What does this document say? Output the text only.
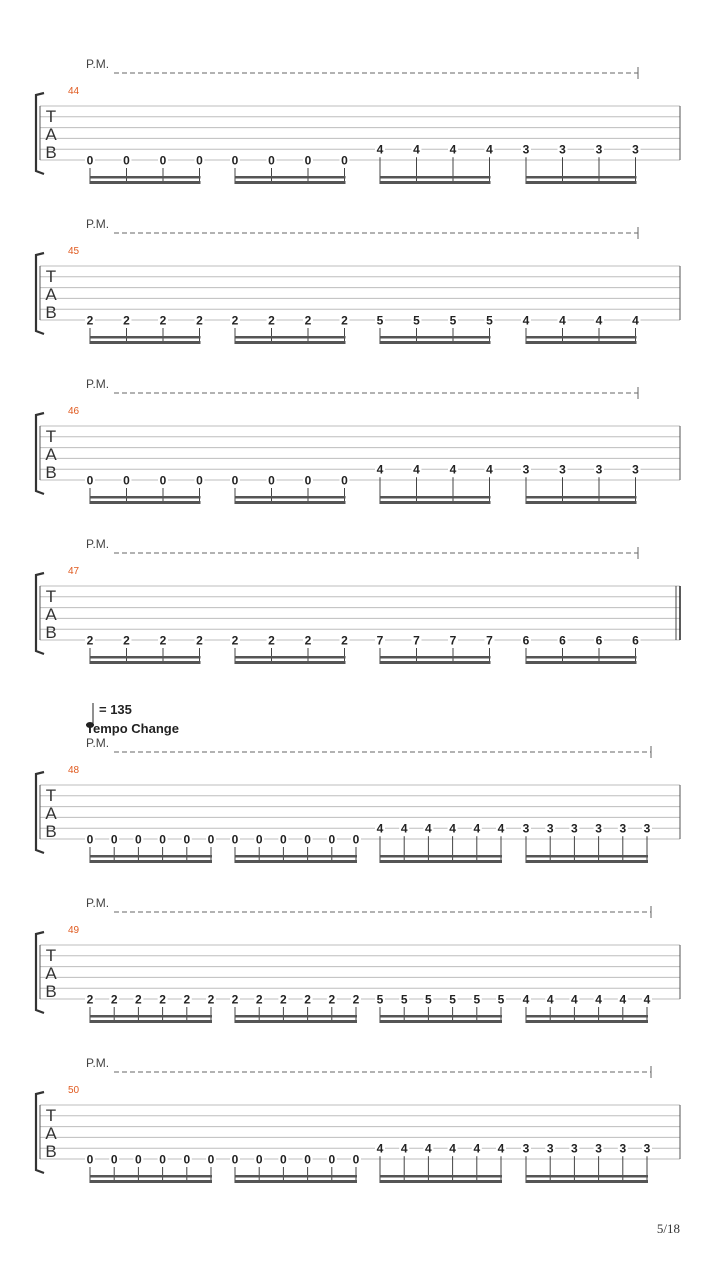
P.M.
44
T
A
B 0 0 0 0 0 0 0 0
4 4 4 4 3 3 3 3
P.M.
45
T
A
B 2 2 2 2 2 2 2 2 5 5 5 5 4 4 4 4
P.M.
46
T
A
B 0 0 0 0 0 0 0 0
4 4 4 4 3 3 3 3
P.M.
47
T
A
B 2 2 2 2 2 2 2 2 7 7 7 7 6 6 6 6
P.M.
= 135
Tempo Change
48
T
A
B 0 0 0 0 0 0 0 0 0 0 0 0
4 4 4 4 4 4 3 3 3 3 3 3
P.M.
49
T
A
B 2 2 2 2 2 2 2 2 2 2 2 2 5 5 5 5 5 5 4 4 4 4 4 4
P.M.
50
T
A
B 0 0 0 0 0 0 0 0 0 0 0 0
4 4 4 4 4 4 3 3 3 3 3 3
5/18
